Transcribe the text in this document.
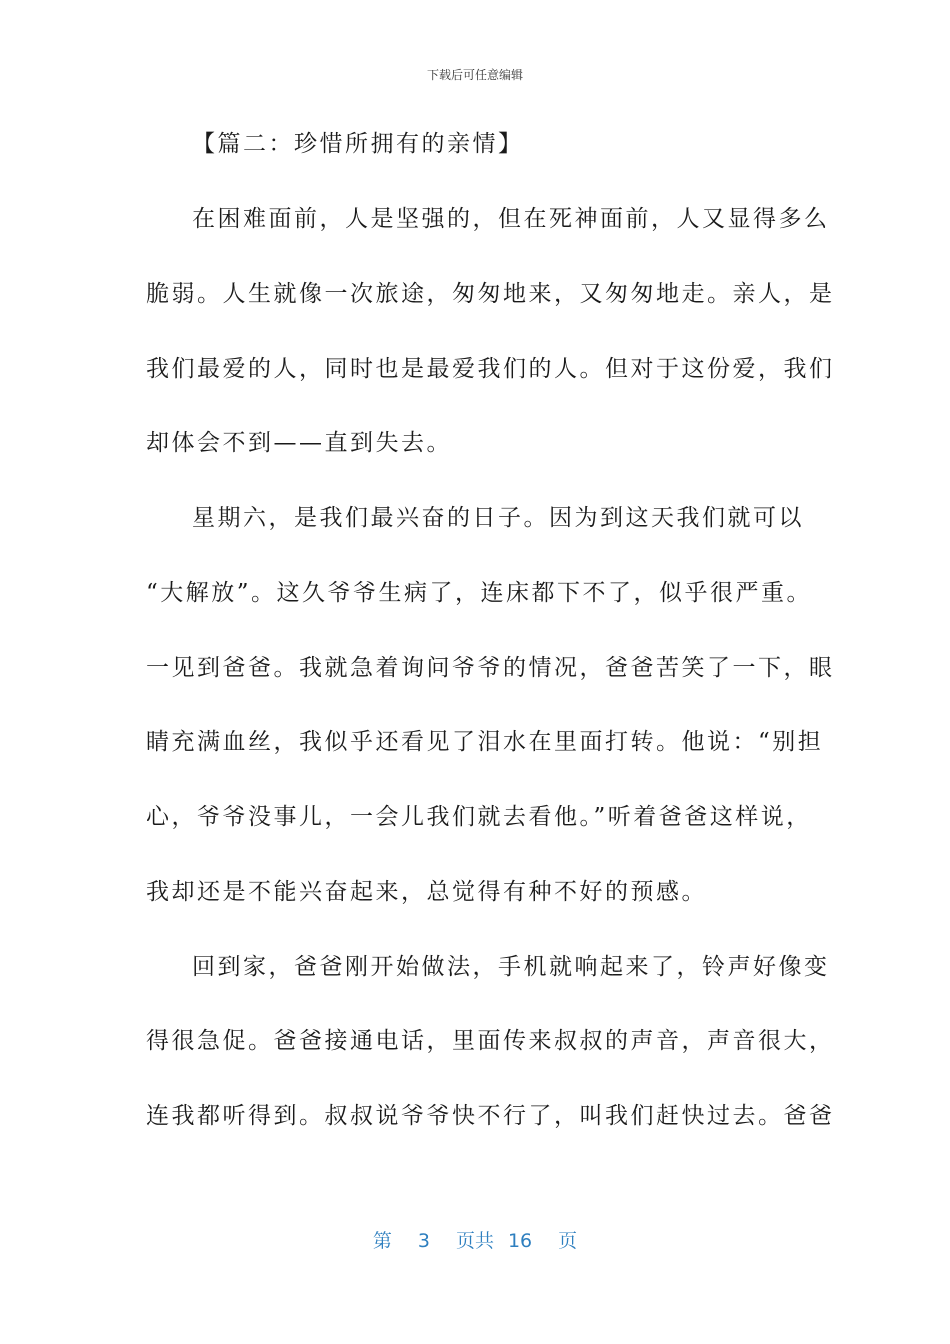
下载后可任意编辑
【篇二：珍惜所拥有的亲情】
在困难面前，人是坚强的，但在死神面前，人又显得多么
脆弱。人生就像一次旅途，匆匆地来，又匆匆地走。亲人，是
我们最爱的人，同时也是最爱我们的人。但对于这份爱，我们
却体会不到——直到失去。
星期六，是我们最兴奋的日子。因为到这天我们就可以
“大解放”。这久爷爷生病了，连床都下不了，似乎很严重。
一见到爸爸。我就急着询问爷爷的情况，爸爸苦笑了一下，眼
睛充满血丝，我似乎还看见了泪水在里面打转。他说：“别担
心，爷爷没事儿，一会儿我们就去看他。”听着爸爸这样说，
我却还是不能兴奋起来，总觉得有种不好的预感。
回到家，爸爸刚开始做法，手机就响起来了，铃声好像变
得很急促。爸爸接通电话，里面传来叔叔的声音，声音很大，
连我都听得到。叔叔说爷爷快不行了，叫我们赶快过去。爸爸
第 3 页共 16 页
